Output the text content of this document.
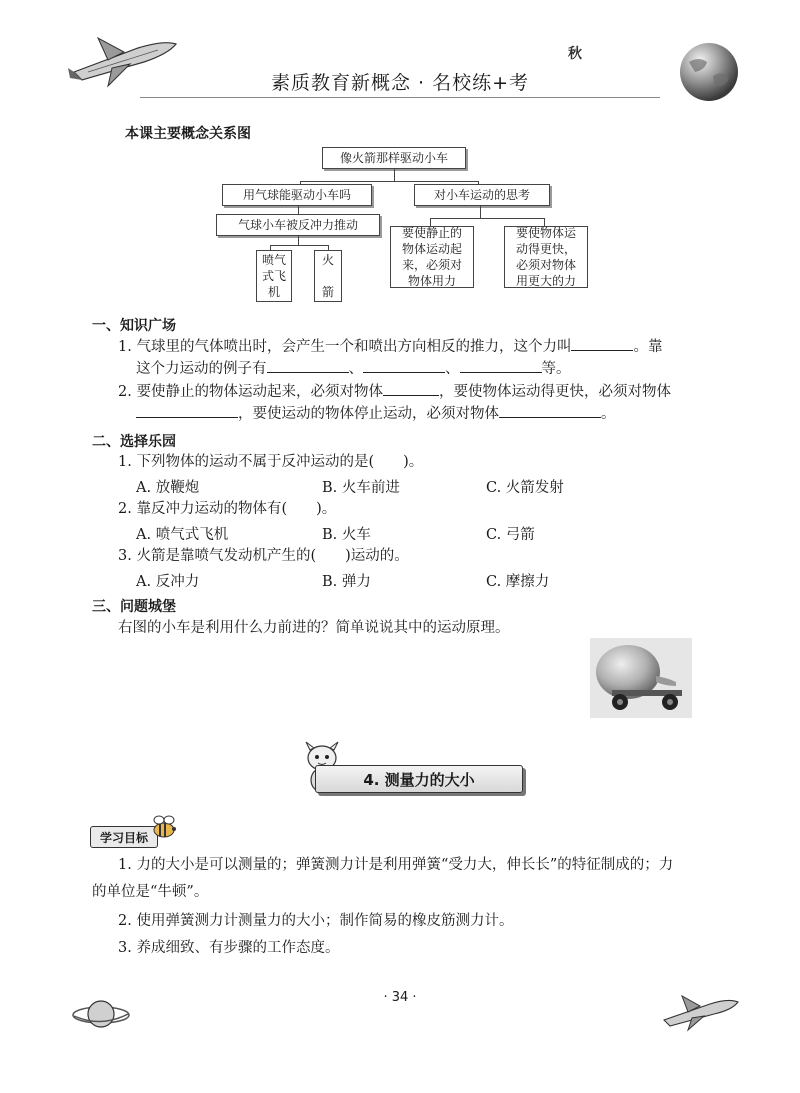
素质教育新概念 · 名校练+考
秋
本课主要概念关系图
像火箭那样驱动小车
用气球能驱动小车吗	对小车运动的思考
气球小车被反冲力推动
喷气
式飞
机
火
箭
要使静止的
物体运动起
来，必须对
物体用力
要使物体运
动得更快，
必须对物体
用更大的力
一、知识广场
1. 气球里的气体喷出时，会产生一个和喷出方向相反的推力，这个力叫	。靠
这个力运动的例子有	、	、	等。
2. 要使静止的物体运动起来，必须对物体	，要使物体运动得更快，必须对物体
，要使运动的物体停止运动，必须对物体	。
二、选择乐园
1. 下列物体的运动不属于反冲运动的是(　　)。
A. 放鞭炮	B. 火车前进	C. 火箭发射
2. 靠反冲力运动的物体有(　　)。
A. 喷气式飞机	B. 火车	C. 弓箭
3. 火箭是靠喷气发动机产生的(　　)运动的。
A. 反冲力	B. 弹力	C. 摩擦力
三、问题城堡
右图的小车是利用什么力前进的？简单说说其中的运动原理。
4. 测量力的大小
学习目标
1. 力的大小是可以测量的；弹簧测力计是利用弹簧“受力大，伸长长”的特征制成的；力
的单位是“牛顿”。
2. 使用弹簧测力计测量力的大小；制作简易的橡皮筋测力计。
3. 养成细致、有步骤的工作态度。
· 34 ·
